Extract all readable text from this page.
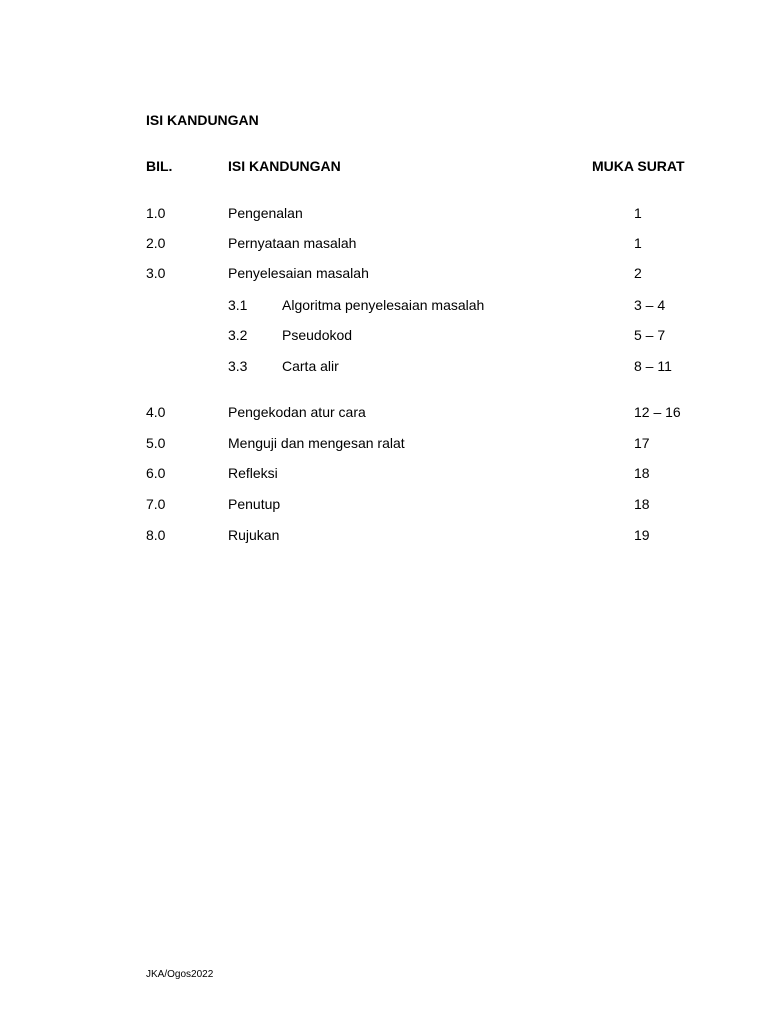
ISI KANDUNGAN
BIL.	ISI KANDUNGAN	MUKA SURAT
1.0	Pengenalan	1
2.0	Pernyataan masalah	1
3.0	Penyelesaian masalah	2
3.1 Algoritma penyelesaian masalah	3 – 4
3.2 Pseudokod	5 – 7
3.3 Carta alir	8 – 11
4.0	Pengekodan atur cara	12 – 16
5.0	Menguji dan mengesan ralat	17
6.0	Refleksi	18
7.0	Penutup	18
8.0	Rujukan	19
JKA/Ogos2022
